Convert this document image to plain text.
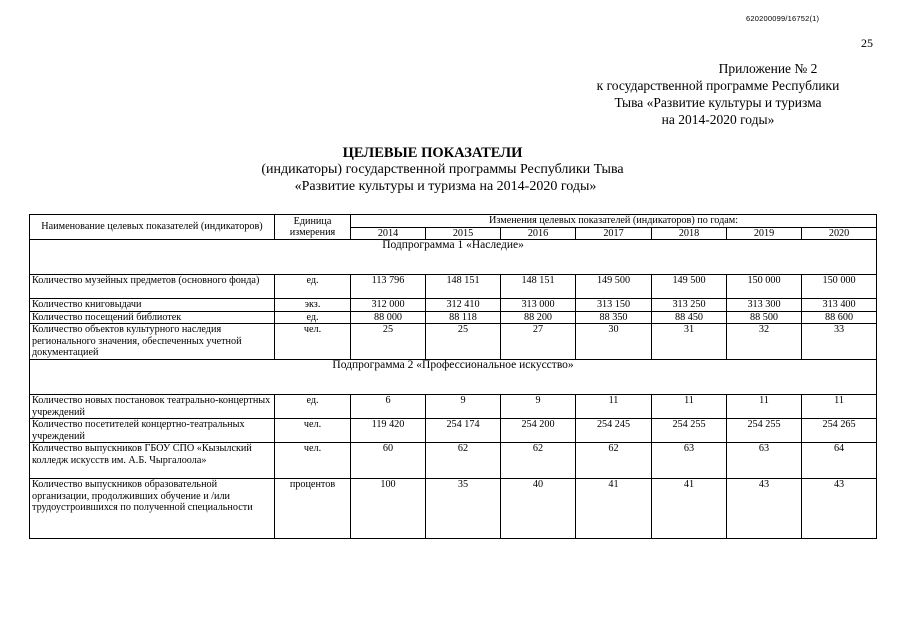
620200099/16752(1)
25
Приложение № 2
к государственной программе Республики
Тыва «Развитие культуры и туризма
на 2014-2020 годы»
ЦЕЛЕВЫЕ ПОКАЗАТЕЛИ
(индикаторы) государственной программы Республики Тыва
«Развитие культуры и туризма на 2014-2020 годы»
Наименование целевых показателей (индикаторов)	Единица измерения	Изменения целевых показателей (индикаторов) по годам:						
		2014	2015	2016	2017	2018	2019	2020
Подпрограмма 1 «Наследие»								
Количество музейных предметов (основного фонда)	ед.	113 796	148 151	148 151	149 500	149 500	150 000	150 000
Количество книговыдачи	экз.	312 000	312 410	313 000	313 150	313 250	313 300	313 400
Количество посещений библиотек	ед.	88 000	88 118	88 200	88 350	88 450	88 500	88 600
Количество объектов культурного наследия регионального значения, обеспеченных учетной документацией	чел.	25	25	27	30	31	32	33
Подпрограмма 2 «Профессиональное искусство»								
Количество новых постановок театрально-концертных учреждений	ед.	6	9	9	11	11	11	11
Количество посетителей концертно-театральных учреждений	чел.	119 420	254 174	254 200	254 245	254 255	254 255	254 265
Количество выпускников ГБОУ СПО «Кызылский колледж искусств им. А.Б. Чыргалоола»	чел.	60	62	62	62	63	63	64
Количество выпускников образовательной организации, продолживших обучение и /или трудоустроившихся по полученной специальности	процентов	100	35	40	41	41	43	43
